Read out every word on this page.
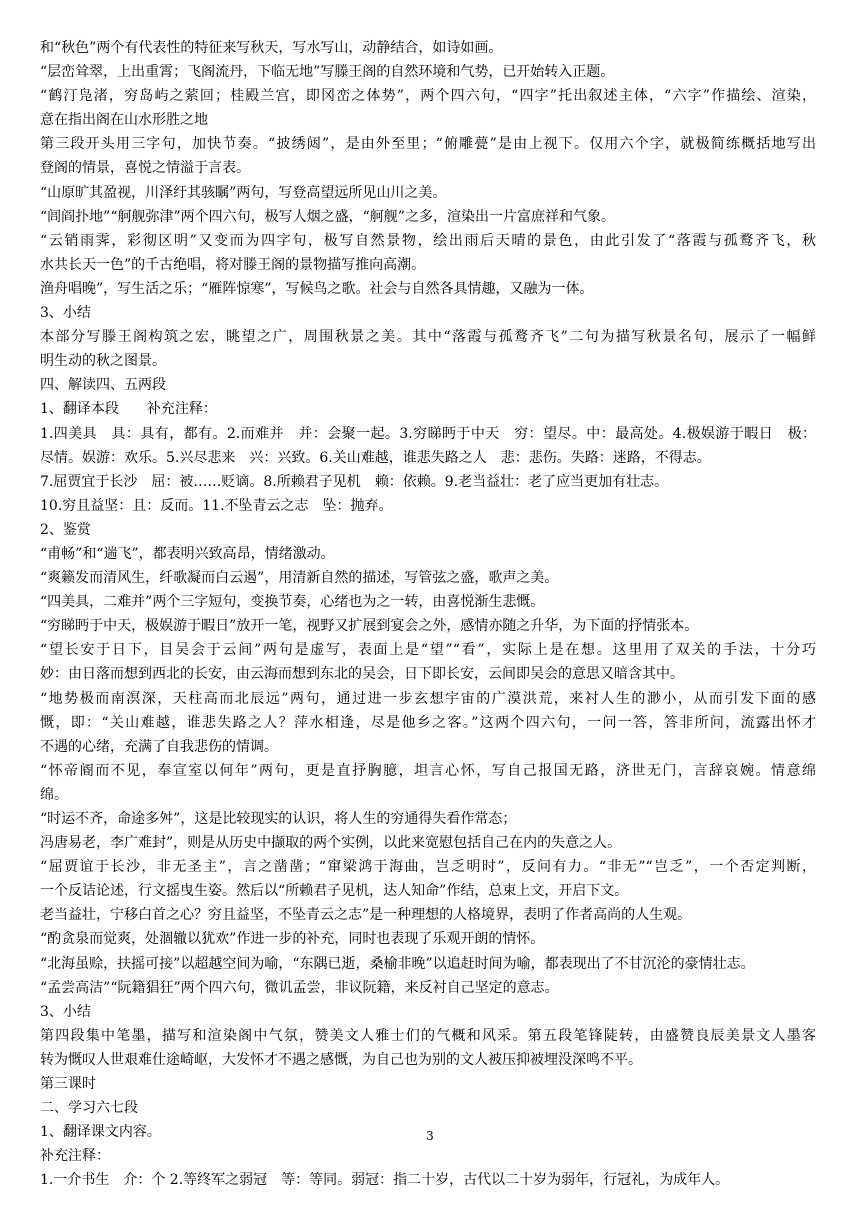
和“秋色”两个有代表性的特征来写秋天，写水写山，动静结合，如诗如画。
“层峦耸翠，上出重霄；飞阁流丹，下临无地”写滕王阁的自然环境和气势，已开始转入正题。
“鹤汀凫渚，穷岛屿之萦回；桂殿兰宫，即冈峦之体势”，两个四六句，“四字”托出叙述主体，“六字”作描绘、渲染，
意在指出阁在山水形胜之地
第三段开头用三字句，加快节奏。“披绣闼”，是由外至里；“俯雕甍”是由上视下。仅用六个字，就极简练概括地写出
登阁的情景，喜悦之情溢于言表。
“山原旷其盈视，川泽纡其骇瞩”两句，写登高望远所见山川之美。
“闾阎扑地”“舸舰弥津”两个四六句，极写人烟之盛，“舸舰”之多，渲染出一片富庶祥和气象。
“云销雨霁，彩彻区明”又变而为四字句，极写自然景物，绘出雨后天晴的景色，由此引发了“落霞与孤鹜齐飞，秋
水共长天一色”的千古绝唱，将对滕王阁的景物描写推向高潮。
渔舟唱晚”，写生活之乐；“雁阵惊寒”，写候鸟之歌。社会与自然各具情趣，又融为一体。
3、小结
本部分写滕王阁构筑之宏，眺望之广，周围秋景之美。其中“落霞与孤鹜齐飞”二句为描写秋景名句，展示了一幅鲜
明生动的秋之图景。
四、解读四、五两段
1、翻译本段　　补充注释：
1.四美具　具：具有，都有。2.而难并　并：会聚一起。3.穷睇眄于中天　穷：望尽。中：最高处。4.极娱游于暇日　极：
尽情。娱游：欢乐。5.兴尽悲来　兴：兴致。6.关山难越，谁悲失路之人　悲：悲伤。失路：迷路，不得志。
7.屈贾宜于长沙　屈：被……贬谪。8.所赖君子见机　赖：依赖。9.老当益壮：老了应当更加有壮志。
10.穷且益坚：且：反而。11.不坠青云之志　坠：抛弃。
2、鉴赏
“甫畅”和“遄飞”，都表明兴致高昂，情绪激动。
“爽籁发而清风生，纤歌凝而白云遏”，用清新自然的描述，写管弦之盛，歌声之美。
“四美具，二难并”两个三字短句，变换节奏，心绪也为之一转，由喜悦渐生悲慨。
“穷睇眄于中天，极娱游于暇日”放开一笔，视野又扩展到宴会之外，感情亦随之升华，为下面的抒情张本。
“望长安于日下，目吴会于云间”两句是虚写，表面上是“望”“看”，实际上是在想。这里用了双关的手法，十分巧
妙：由日落而想到西北的长安，由云海而想到东北的吴会，日下即长安，云间即吴会的意思又暗含其中。
“地势极而南溟深，天柱高而北辰远”两句，通过进一步玄想宇宙的广漠洪荒，来衬人生的渺小，从而引发下面的感
慨，即：“关山难越，谁悲失路之人？萍水相逢，尽是他乡之客。”这两个四六句，一问一答，答非所问，流露出怀才
不遇的心绪，充满了自我悲伤的情调。
“怀帝阍而不见，奉宣室以何年”两句，更是直抒胸臆，坦言心怀，写自己报国无路，济世无门，言辞哀婉。情意绵
绵。
“时运不齐，命途多舛”，这是比较现实的认识，将人生的穷通得失看作常态；
冯唐易老，李广难封”，则是从历史中撷取的两个实例，以此来宽慰包括自己在内的失意之人。
“屈贾谊于长沙，非无圣主”，言之凿凿；“窜梁鸿于海曲，岂乏明时”，反问有力。“非无”“岂乏”，一个否定判断，
一个反诘论述，行文摇曳生姿。然后以“所赖君子见机，达人知命”作结，总束上文，开启下文。
老当益壮，宁移白首之心？穷且益坚，不坠青云之志”是一种理想的人格境界，表明了作者高尚的人生观。
“酌贪泉而觉爽，处涸辙以犹欢”作进一步的补充，同时也表现了乐观开朗的情怀。
“北海虽赊，扶摇可接”以超越空间为喻，“东隅已逝，桑榆非晚”以追赶时间为喻，都表现出了不甘沉沦的豪情壮志。
“孟尝高洁”“阮籍猖狂”两个四六句，微讥孟尝，非议阮籍，来反衬自己坚定的意志。
3、小结
第四段集中笔墨，描写和渲染阁中气氛，赞美文人雅士们的气概和风采。第五段笔锋陡转，由盛赞良辰美景文人墨客
转为慨叹人世艰难仕途崎岖，大发怀才不遇之感慨，为自己也为别的文人被压抑被埋没深鸣不平。
第三课时
二、学习六七段
1、翻译课文内容。
补充注释：
1.一介书生　介：个 2.等终军之弱冠　等：等同。弱冠：指二十岁，古代以二十岁为弱年，行冠礼，为成年人。
3
